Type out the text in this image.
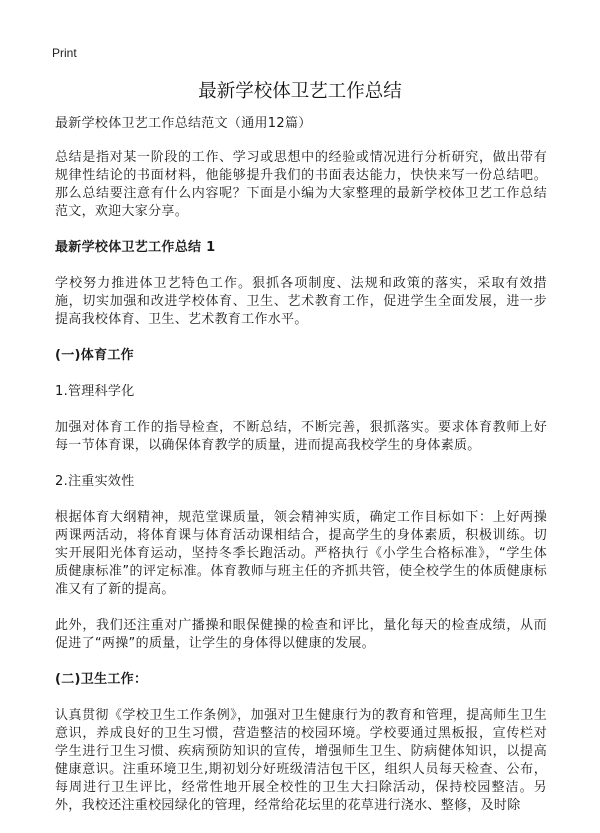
Print
最新学校体卫艺工作总结

最新学校体卫艺工作总结范文（通用12篇）

总结是指对某一阶段的工作、学习或思想中的经验或情况进行分析研究，做出带有规律性结论的书面材料，他能够提升我们的书面表达能力，快快来写一份总结吧。那么总结要注意有什么内容呢？下面是小编为大家整理的最新学校体卫艺工作总结范文，欢迎大家分享。

最新学校体卫艺工作总结 1

学校努力推进体卫艺特色工作。狠抓各项制度、法规和政策的落实，采取有效措施，切实加强和改进学校体育、卫生、艺术教育工作，促进学生全面发展，进一步提高我校体育、卫生、艺术教育工作水平。

(一)体育工作

1.管理科学化

加强对体育工作的指导检查，不断总结，不断完善，狠抓落实。要求体育教师上好每一节体育课，以确保体育教学的质量，进而提高我校学生的身体素质。

2.注重实效性

根据体育大纲精神，规范堂课质量，领会精神实质，确定工作目标如下：上好两操两课两活动，将体育课与体育活动课相结合，提高学生的身体素质，积极训练。切实开展阳光体育运动，坚持冬季长跑活动。严格执行《小学生合格标准》，“学生体质健康标准”的评定标准。体育教师与班主任的齐抓共管，使全校学生的体质健康标准又有了新的提高。

此外，我们还注重对广播操和眼保健操的检查和评比，量化每天的检查成绩，从而促进了“两操”的质量，让学生的身体得以健康的发展。

(二)卫生工作：

认真贯彻《学校卫生工作条例》，加强对卫生健康行为的教育和管理，提高师生卫生意识，养成良好的卫生习惯，营造整洁的校园环境。学校要通过黑板报，宣传栏对学生进行卫生习惯、疾病预防知识的宣传，增强师生卫生、防病健体知识，以提高健康意识。注重环境卫生,期初划分好班级清洁包干区，组织人员每天检查、公布，每周进行卫生评比，经常性地开展全校性的卫生大扫除活动，保持校园整洁。另外，我校还注重校园绿化的管理，经常给花坛里的花草进行浇水、整修，及时除
